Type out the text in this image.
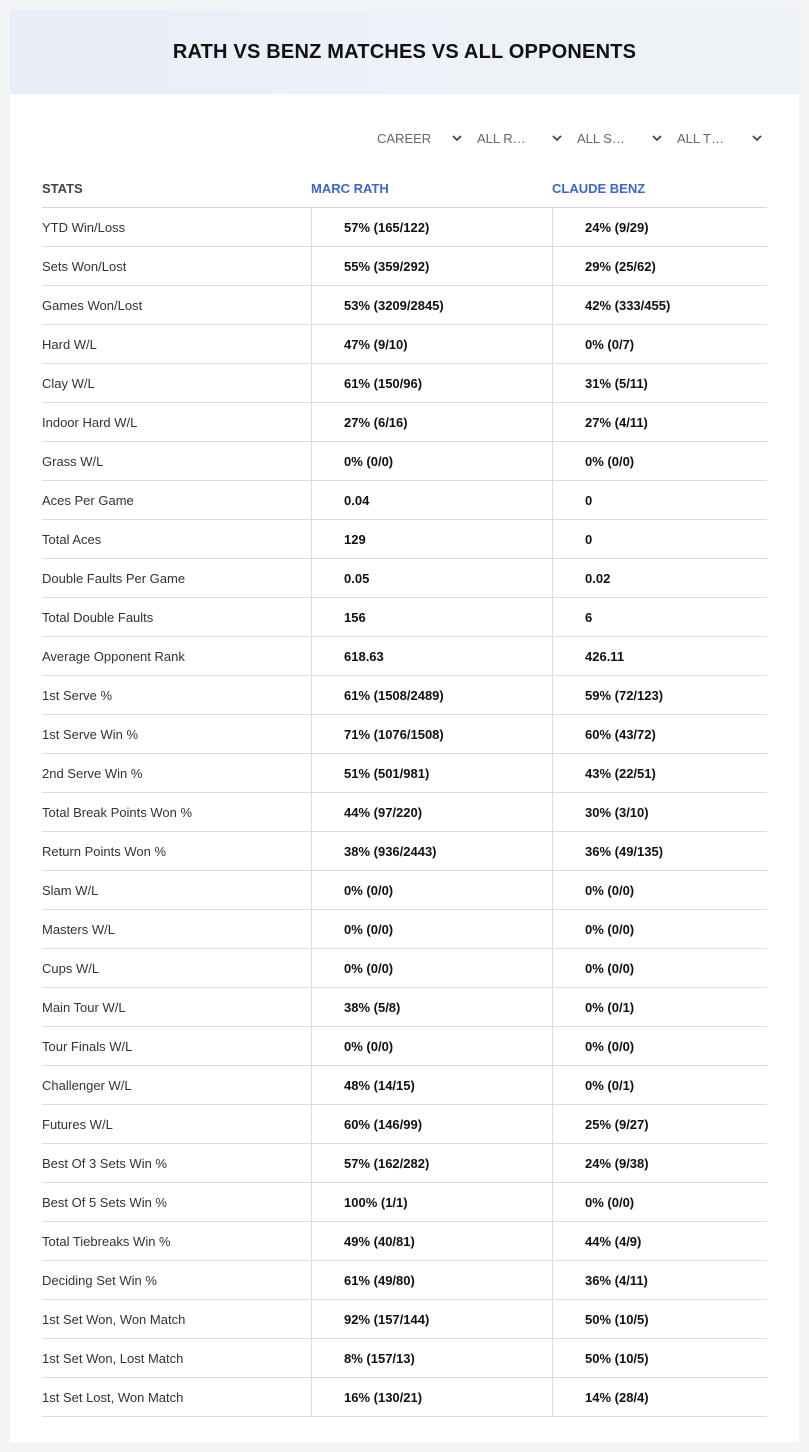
RATH VS BENZ MATCHES VS ALL OPPONENTS
CAREER	ALL R…	ALL S…	ALL T…
STATS	MARC RATH	CLAUDE BENZ
YTD Win/Loss	57% (165/122)	24% (9/29)
Sets Won/Lost	55% (359/292)	29% (25/62)
Games Won/Lost	53% (3209/2845)	42% (333/455)
Hard W/L	47% (9/10)	0% (0/7)
Clay W/L	61% (150/96)	31% (5/11)
Indoor Hard W/L	27% (6/16)	27% (4/11)
Grass W/L	0% (0/0)	0% (0/0)
Aces Per Game	0.04	0
Total Aces	129	0
Double Faults Per Game	0.05	0.02
Total Double Faults	156	6
Average Opponent Rank	618.63	426.11
1st Serve %	61% (1508/2489)	59% (72/123)
1st Serve Win %	71% (1076/1508)	60% (43/72)
2nd Serve Win %	51% (501/981)	43% (22/51)
Total Break Points Won %	44% (97/220)	30% (3/10)
Return Points Won %	38% (936/2443)	36% (49/135)
Slam W/L	0% (0/0)	0% (0/0)
Masters W/L	0% (0/0)	0% (0/0)
Cups W/L	0% (0/0)	0% (0/0)
Main Tour W/L	38% (5/8)	0% (0/1)
Tour Finals W/L	0% (0/0)	0% (0/0)
Challenger W/L	48% (14/15)	0% (0/1)
Futures W/L	60% (146/99)	25% (9/27)
Best Of 3 Sets Win %	57% (162/282)	24% (9/38)
Best Of 5 Sets Win %	100% (1/1)	0% (0/0)
Total Tiebreaks Win %	49% (40/81)	44% (4/9)
Deciding Set Win %	61% (49/80)	36% (4/11)
1st Set Won, Won Match	92% (157/144)	50% (10/5)
1st Set Won, Lost Match	8% (157/13)	50% (10/5)
1st Set Lost, Won Match	16% (130/21)	14% (28/4)
